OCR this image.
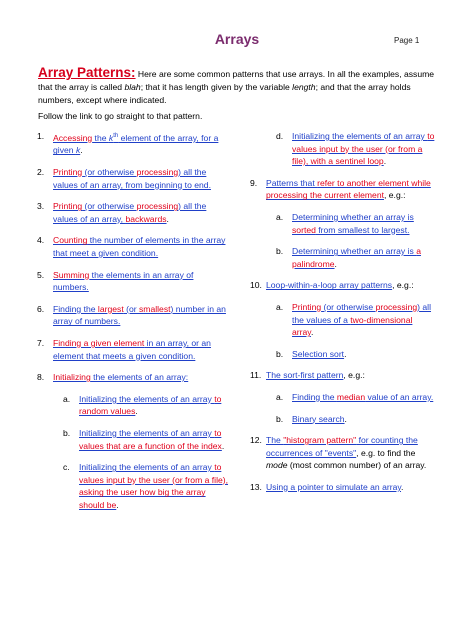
Arrays	Page 1
Array Patterns: Here are some common patterns that use arrays. In all the examples, assume that the array is called blah; that it has length given by the variable length; and that the array holds numbers, except where indicated.
Follow the link to go straight to that pattern.
1. Accessing the $k^{th}$ element of the array, for a given k.
2. Printing (or otherwise processing) all the values of an array, from beginning to end.
3. Printing (or otherwise processing) all the values of an array, backwards.
4. Counting the number of elements in the array that meet a given condition.
5. Summing the elements in an array of numbers.
6. Finding the largest (or smallest) number in an array of numbers.
7. Finding a given element in an array, or an element that meets a given condition.
8. Initializing the elements of an array:
a. Initializing the elements of an array to random values.
b. Initializing the elements of an array to values that are a function of the index.
c. Initializing the elements of an array to values input by the user (or from a file), asking the user how big the array should be.
d. Initializing the elements of an array to values input by the user (or from a file), with a sentinel loop.
9. Patterns that refer to another element while processing the current element, e.g.:
a. Determining whether an array is sorted from smallest to largest.
b. Determining whether an array is a palindrome.
10. Loop-within-a-loop array patterns, e.g.:
a. Printing (or otherwise processing) all the values of a two-dimensional array.
b. Selection sort.
11. The sort-first pattern, e.g.:
a. Finding the median value of an array.
b. Binary search.
12. The "histogram pattern" for counting the occurrences of "events", e.g. to find the mode (most common number) of an array.
13. Using a pointer to simulate an array.
